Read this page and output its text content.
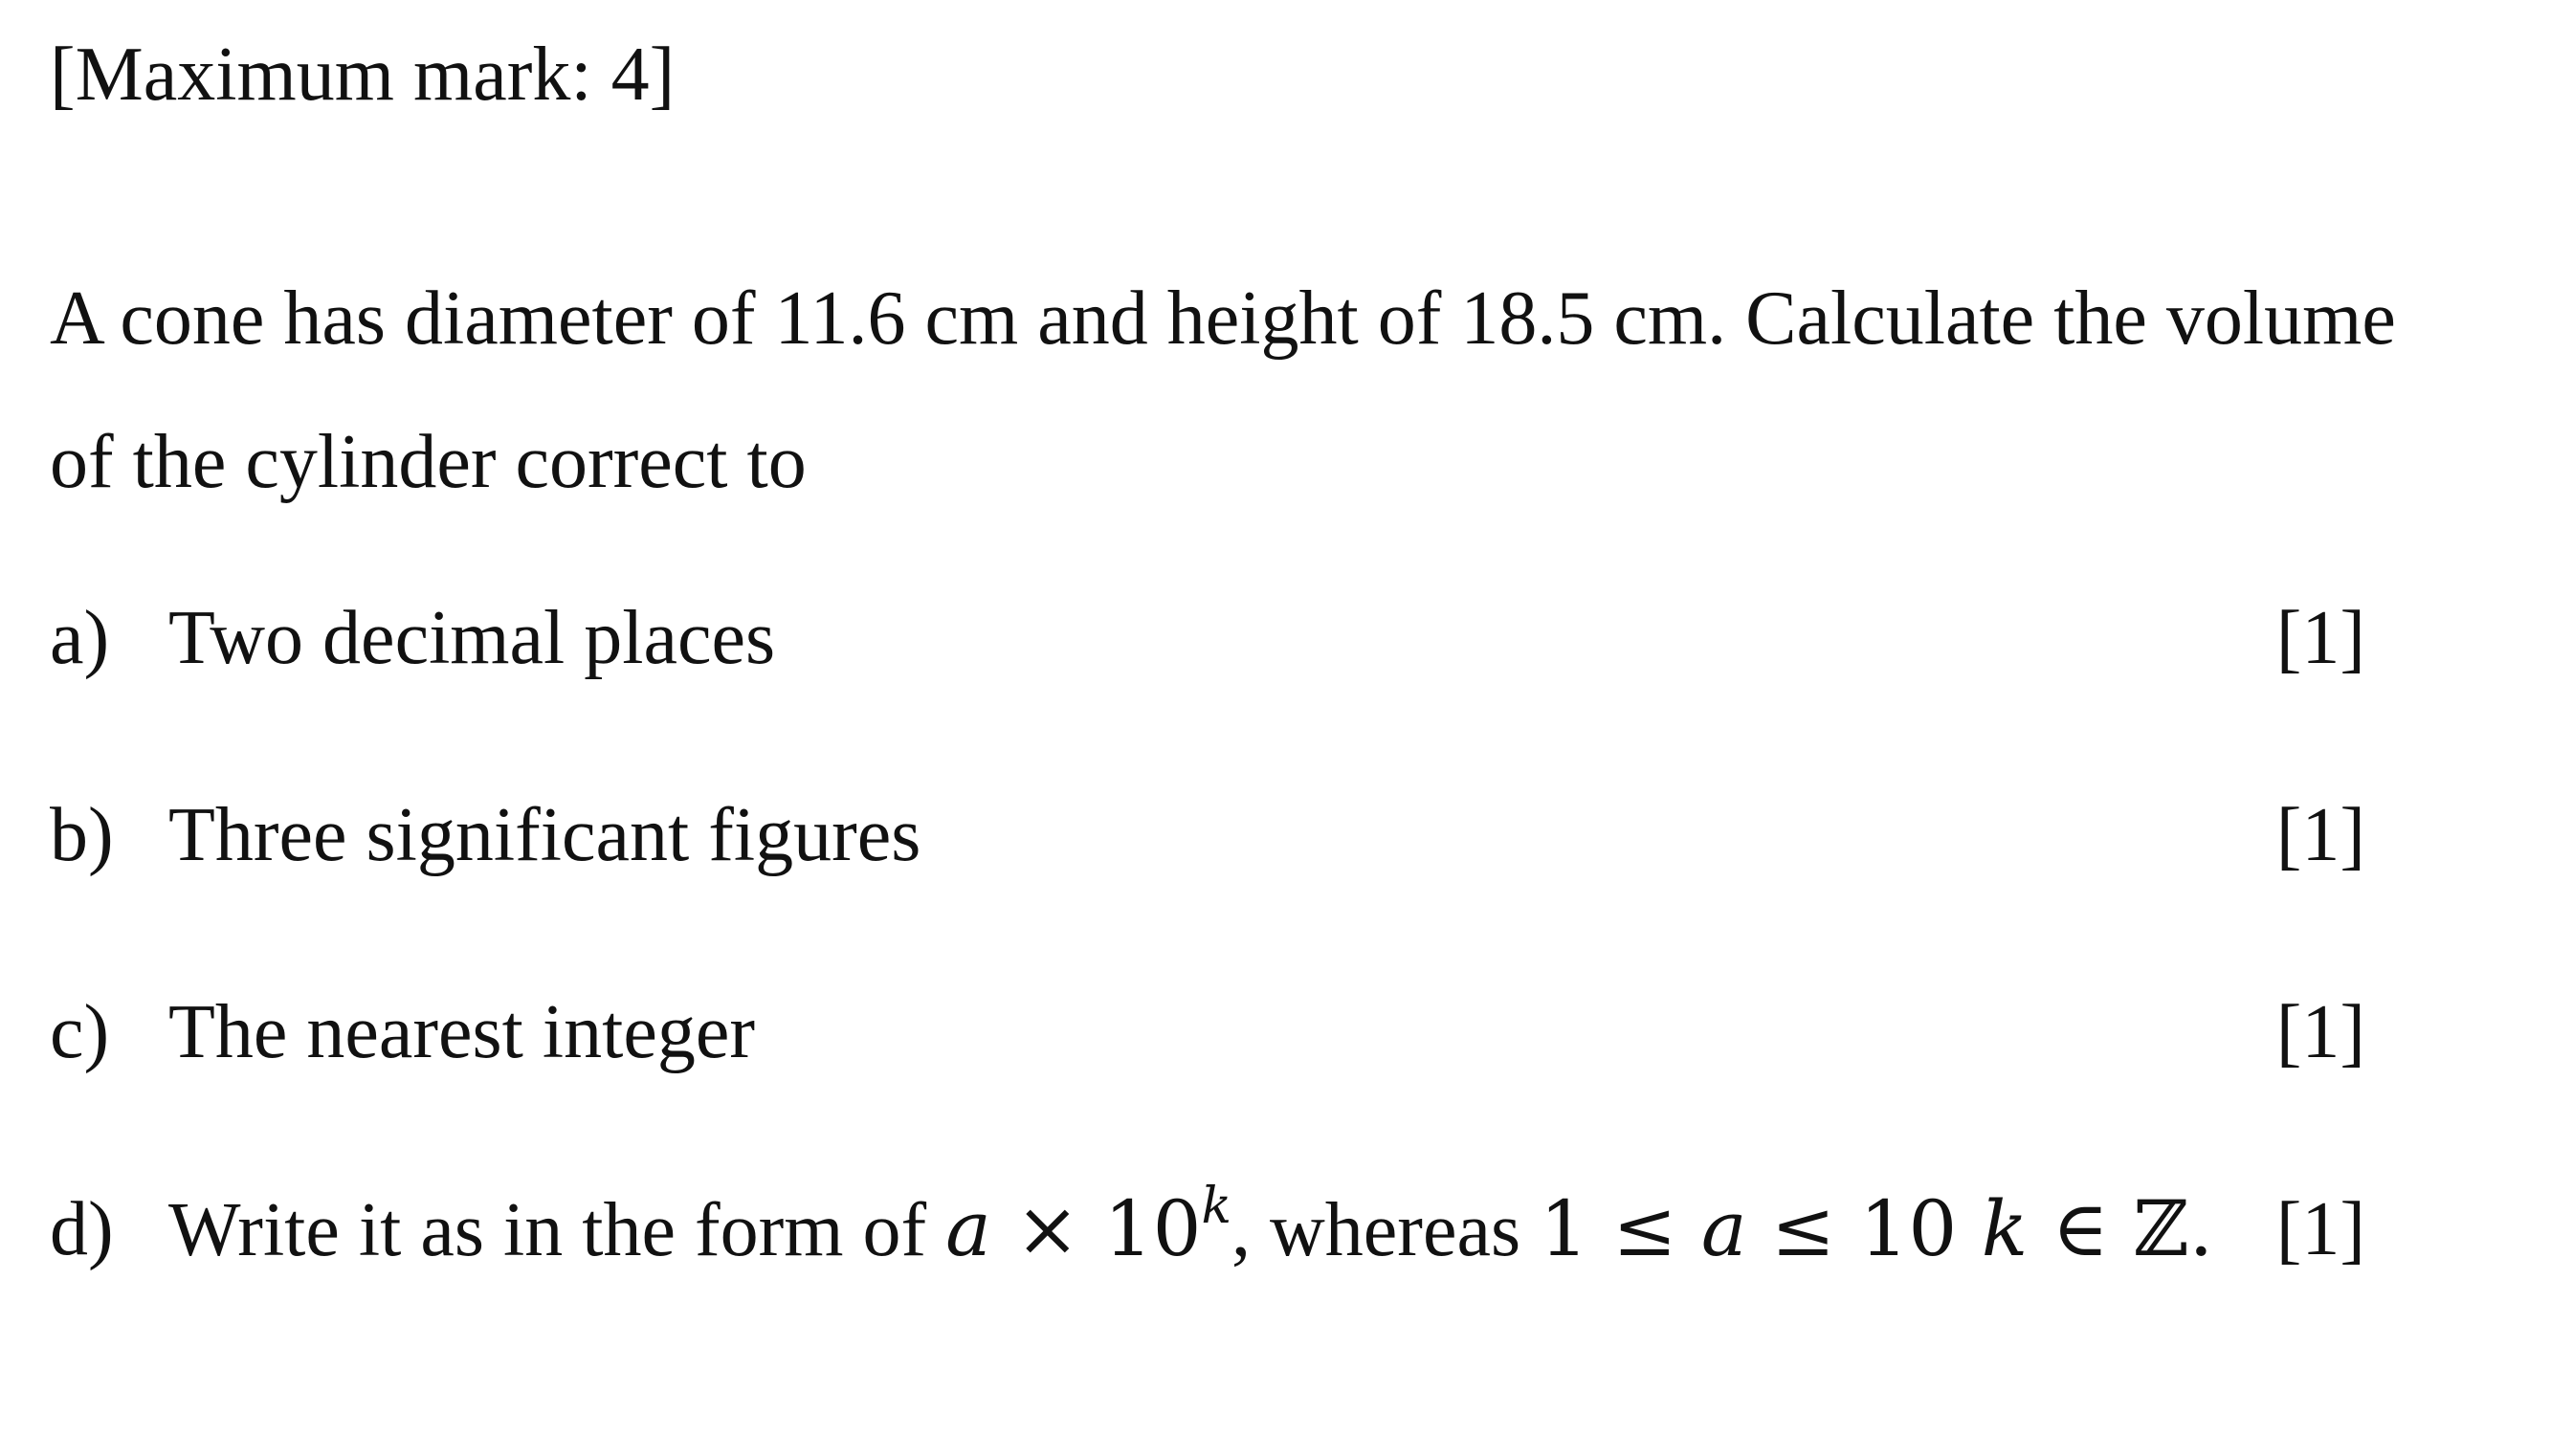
[Maximum mark: 4]
A cone has diameter of 11.6 cm and height of 18.5 cm. Calculate the volume
of the cylinder correct to
a) Two decimal places	[1]
b) Three significant figures	[1]
c) The nearest integer	[1]
d) Write it as in the form of $a \times 10^k$, whereas 1 ≤ a ≤ 10 k ∈ ℤ. [1]
